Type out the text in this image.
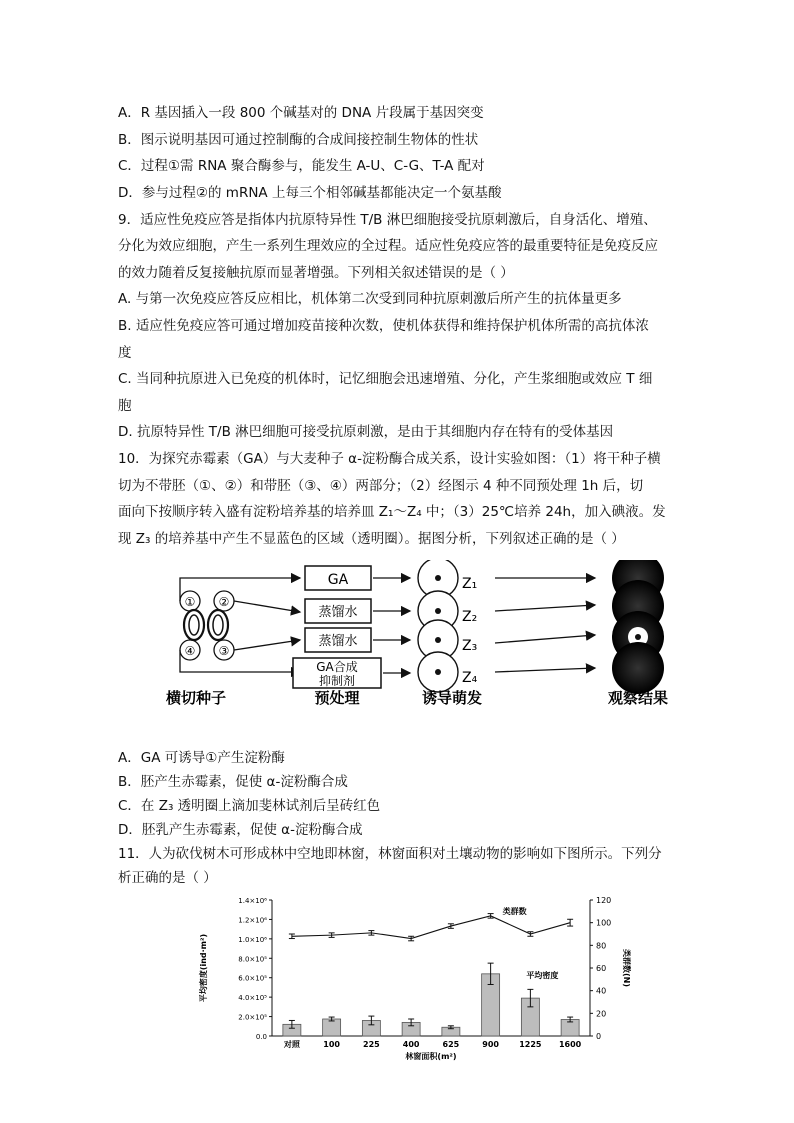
A．R 基因插入一段 800 个碱基对的 DNA 片段属于基因突变
B．图示说明基因可通过控制酶的合成间接控制生物体的性状
C．过程①需 RNA 聚合酶参与，能发生 A-U、C-G、T-A 配对
D．参与过程②的 mRNA 上每三个相邻碱基都能决定一个氨基酸
9．适应性免疫应答是指体内抗原特异性 T/B 淋巴细胞接受抗原刺激后，自身活化、增殖、
分化为效应细胞，产生一系列生理效应的全过程。适应性免疫应答的最重要特征是免疫反应
的效力随着反复接触抗原而显著增强。下列相关叙述错误的是（ ）
A. 与第一次免疫应答反应相比，机体第二次受到同种抗原刺激后所产生的抗体量更多
B. 适应性免疫应答可通过增加疫苗接种次数，使机体获得和维持保护机体所需的高抗体浓
度
C. 当同种抗原进入已免疫的机体时，记忆细胞会迅速增殖、分化，产生浆细胞或效应 T 细
胞
D. 抗原特异性 T/B 淋巴细胞可接受抗原刺激，是由于其细胞内存在特有的受体基因
10．为探究赤霉素（GA）与大麦种子 α-淀粉酶合成关系，设计实验如图：（1）将干种子横
切为不带胚（①、②）和带胚（③、④）两部分；（2）经图示 4 种不同预处理 1h 后，切
面向下按顺序转入盛有淀粉培养基的培养皿 Z₁～Z₄ 中；（3）25℃培养 24h，加入碘液。发
现 Z₃ 的培养基中产生不显蓝色的区域（透明圈）。据图分析，下列叙述正确的是（ ）
① ②
④ ③
GA
蒸馏水
蒸馏水
GA合成
抑制剂
Z₁
Z₂
Z₃
Z₄
横切种子	预处理	诱导萌发	观察结果
A．GA 可诱导①产生淀粉酶
B．胚产生赤霉素，促使 α-淀粉酶合成
C．在 Z₃ 透明圈上滴加斐林试剂后呈砖红色
D．胚乳产生赤霉素，促使 α-淀粉酶合成
11．人为砍伐树木可形成林中空地即林窗，林窗面积对土壤动物的影响如下图所示。下列分
析正确的是（ ）
0.0
2.0×10⁵
4.0×10⁵
6.0×10⁵
8.0×10⁵
1.0×10⁶
1.2×10⁶
1.4×10⁶
0
20
40
60
80
100
120
对照	100	225	400	625	900	1225 1600
林窗面积(m²)
平均密度(ind·m²)	类群数(N)
类群数
平均密度
